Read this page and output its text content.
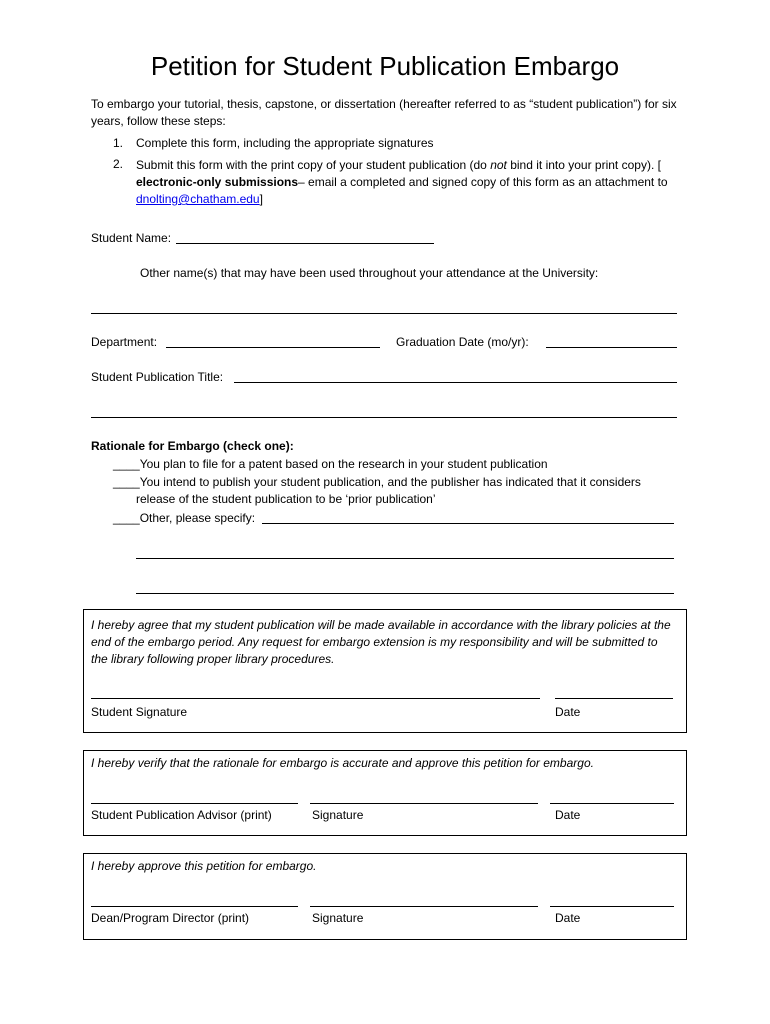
Petition for Student Publication Embargo
To embargo your tutorial, thesis, capstone, or dissertation (hereafter referred to as “student publication”) for six years, follow these steps:
1. Complete this form, including the appropriate signatures
2. Submit this form with the print copy of your student publication (do not bind it into your print copy). [ electronic-only submissions– email a completed and signed copy of this form as an attachment to dnolting@chatham.edu]
Student Name:
Other name(s) that may have been used throughout your attendance at the University:
Department:	Graduation Date (mo/yr):
Student Publication Title:
Rationale for Embargo (check one):
____You plan to file for a patent based on the research in your student publication
____You intend to publish your student publication, and the publisher has indicated that it considers
release of the student publication to be ‘prior publication’
____Other, please specify:
I hereby agree that my student publication will be made available in accordance with the library policies at the end of the embargo period. Any request for embargo extension is my responsibility and will be submitted to the library following proper library procedures.
Student Signature	Date
I hereby verify that the rationale for embargo is accurate and approve this petition for embargo.
Student Publication Advisor (print)	Signature	Date
I hereby approve this petition for embargo.
Dean/Program Director (print)	Signature	Date
